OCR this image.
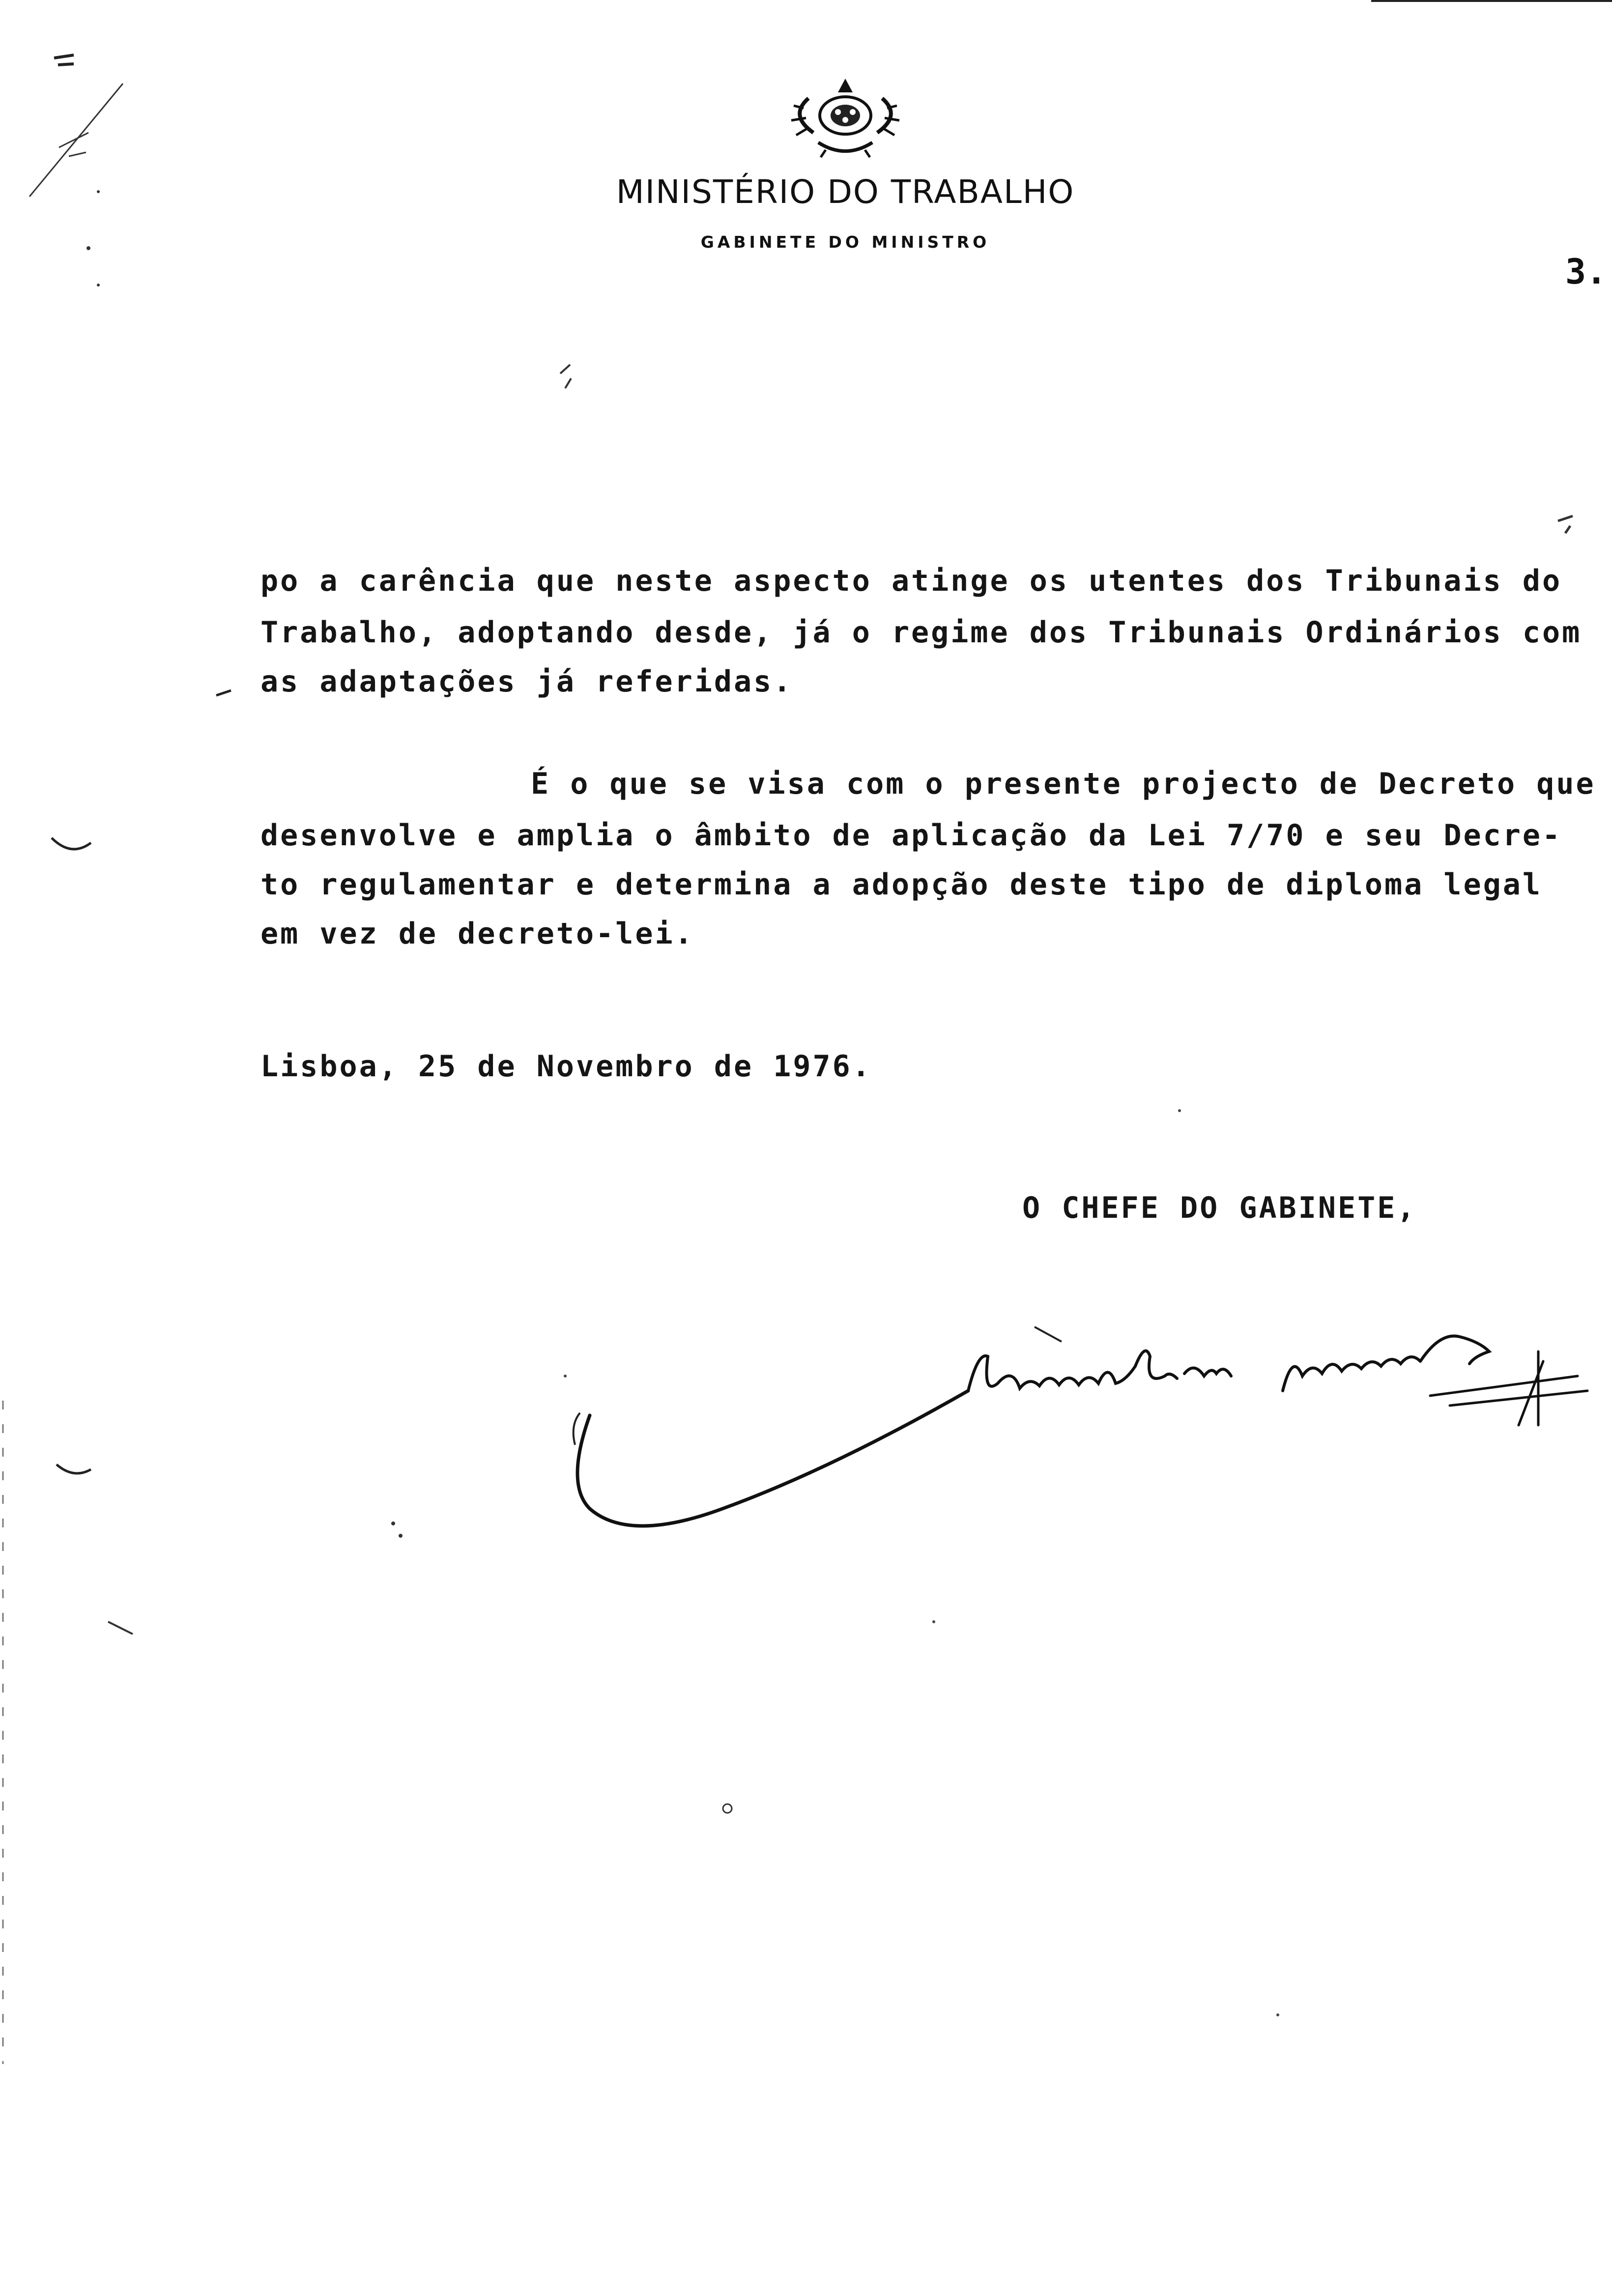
MINISTÉRIO DO TRABALHO
GABINETE DO MINISTRO
3.
po a carência que neste aspecto atinge os utentes dos Tribunais do
Trabalho, adoptando desde, já o regime dos Tribunais Ordinários com
as adaptações já referidas.
É o que se visa com o presente projecto de Decreto que
desenvolve e amplia o âmbito de aplicação da Lei 7/70 e seu Decre-
to regulamentar e determina a adopção deste tipo de diploma legal
em vez de decreto-lei.
Lisboa, 25 de Novembro de 1976.
O CHEFE DO GABINETE,
